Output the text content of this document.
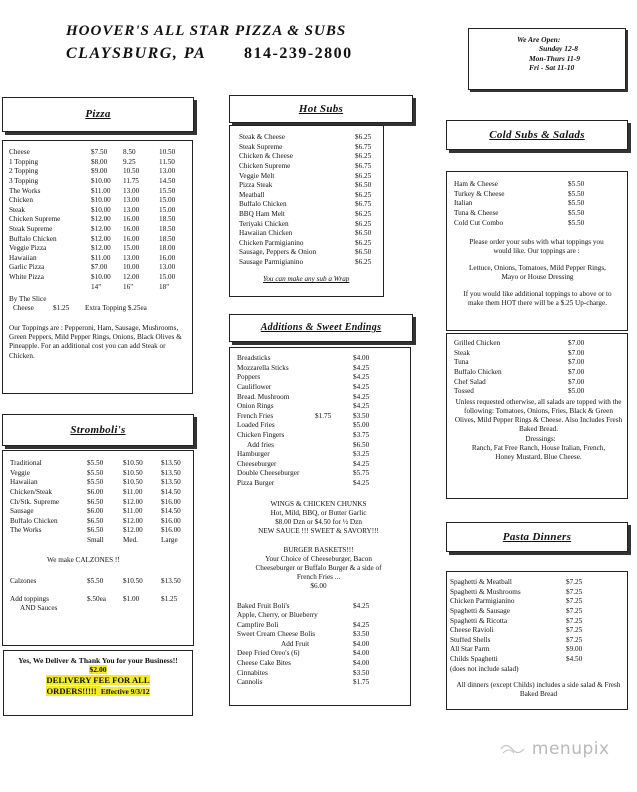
HOOVER'S ALL STAR PIZZA & SUBS
CLAYSBURG, PA 814-239-2800
We Are Open:
Sunday 12-8
Mon-Thurs 11-9
Fri - Sat 11-10
Pizza
Cheese	$7.50	8.50	10.50
1 Topping	$8.00	9.25	11.50
2 Topping	$9.00	10.50	13.00
3 Topping	$10.00	11.75	14.50
The Works	$11.00	13.00	15.50
Chicken	$10.00	13.00	15.00
Steak	$10.00	13.00	15.00
Chicken Supreme	$12.00	16.00	18.50
Steak Supreme	$12.00	16.00	18.50
Buffalo Chicken	$12.00	16.00	18.50
Veggie Pizza	$12.00	15.00	18.00
Hawaiian	$11.00	13.00	16.00
Garlic Pizza	$7.00	10.00	13.00
White Pizza	$10.00	12.00	15.00
14"	16"	18"
By The Slice
Cheese	$1.25	Extra Topping $.25ea
Our Toppings are : Pepperoni, Ham, Sausage, Mushrooms, Green Peppers, Mild Pepper Rings, Onions, Black Olives & Pineapple. For an additional cost you can add Steak or Chicken.
Hot Subs
Steak & Cheese	$6.25
Steak Supreme	$6.75
Chicken & Cheese	$6.25
Chicken Supreme	$6.75
Veggie Melt	$6.25
Pizza Steak	$6.50
Meatball	$6.25
Buffalo Chicken	$6.75
BBQ Ham Melt	$6.25
Teriyaki Chicken	$6.25
Hawaiian Chicken	$6.50
Chicken Parmigianino	$6.25
Sausage, Peppers & Onion	$6.50
Sausage Parmigianino	$6.25
You can make any sub a Wrap
Cold Subs & Salads
Ham & Cheese	$5.50
Turkey & Cheese	$5.50
Italian	$5.50
Tuna & Cheese	$5.50
Cold Cut Combo	$5.50
Please order your subs with what toppings you would like. Our toppings are :
Lettuce, Onions, Tomatoes, Mild Pepper Rings, Mayo or House Dressing
If you would like additional toppings to above or to make them HOT there will be a $.25 Up-charge.
Grilled Chicken	$7.00
Steak	$7.00
Tuna	$7.00
Buffalo Chicken	$7.00
Chef Salad	$7.00
Tossed	$5.00
Unless requested otherwise, all salads are topped with the following: Tomatoes, Onions, Fries, Black & Green Olives, Mild Pepper Rings & Cheese. Also Includes Fresh Baked Bread.
Dressings:
Ranch, Fat Free Ranch, House Italian, French, Honey Mustard, Blue Cheese.
Additions & Sweet Endings
Breadsticks	$4.00
Mozzarella Sticks	$4.25
Poppers	$4.25
Cauliflower	$4.25
Bread. Mushroom	$4.25
Onion Rings	$4.25
French Fries	$1.75	$3.50
Loaded Fries	$5.00
Chicken Fingers	$3.75
Add fries	$6.50
Hamburger	$3.25
Cheeseburger	$4.25
Double Cheeseburger	$5.75
Pizza Burger	$4.25
WINGS & CHICKEN CHUNKS
Hot, Mild, BBQ, or Butter Garlic
$8.00 Dzn or $4.50 for ½ Dzn
NEW SAUCE !!! SWEET & SAVORY!!!
BURGER BASKETS!!!
Your Choice of Cheeseburger, Bacon Cheeseburger or Buffalo Burger & a side of French Fries ...
$6.00
Baked Fruit Boli's	$4.25
Apple, Cherry, or Blueberry
Campfire Boli	$4.25
Sweet Cream Cheese Bolis	$3.50
Add Fruit	$4.00
Deep Fried Oreo's (6)	$4.00
Cheese Cake Bites	$4.00
Cinnabites	$3.50
Cannolis	$1.75
Stromboli's
Traditional	$5.50	$10.50	$13.50
Veggie	$5.50	$10.50	$13.50
Hawaiian	$5.50	$10.50	$13.50
Chicken/Steak	$6.00	$11.00	$14.50
Ch/Stk. Supreme	$6.50	$12.00	$16.00
Sausage	$6.00	$11.00	$14.50
Buffalo Chicken	$6.50	$12.00	$16.00
The Works	$6.50	$12.00	$16.00
Small	Med.	Large
We make CALZONES !!
Calzones	$5.50	$10.50	$13.50
Add toppings	$.50ea	$1.00	$1.25
AND Sauces
Yes, We Deliver & Thank You for your Business!!
$2.00
DELIVERY FEE FOR ALL ORDERS!!!!! Effective 9/3/12
Pasta Dinners
Spaghetti & Meatball	$7.25
Spaghetti & Mushrooms	$7.25
Chicken Parmigianino	$7.25
Spaghetti & Sausage	$7.25
Spaghetti & Ricotta	$7.25
Cheese Ravioli	$7.25
Stuffed Shells	$7.25
All Star Parm	$9.00
Childs Spaghetti	$4.50
(does not include salad)
All dinners (except Childs) includes a side salad & Fresh Baked Bread
menupix
